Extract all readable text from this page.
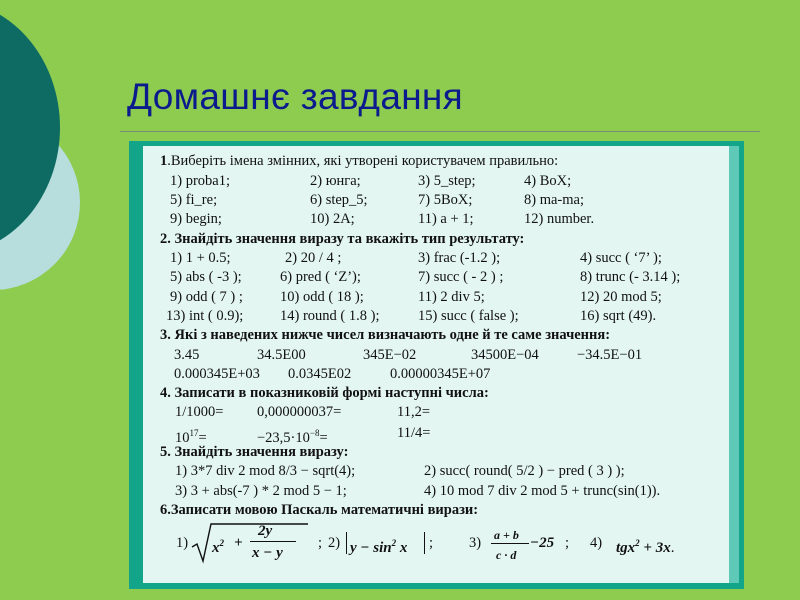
Домашнє завдання
1.Виберіть імена змінних, які утворені користувачем правильно:
1) proba1;	2) юнга;	3) 5_step;	4) BoX;
5) fi_re;	6) step_5;	7) 5BoX;	8) ma-ma;
9) begin;	10) 2A;	11) a + 1;	12) number.
2. Знайдіть значення виразу та вкажіть тип результату:
1) 1 + 0.5;	2) 20 / 4 ;	3) frac (-1.2 );	4) succ ( ‘7’ );
5) abs ( -3 );	6) pred ( ‘Z’);	7) succ ( - 2 ) ;	8) trunc (- 3.14 );
9) odd ( 7 ) ;	10) odd ( 18 );	11) 2 div 5;	12) 20 mod 5;
13) int ( 0.9);	14) round ( 1.8 );	15) succ ( false );	16) sqrt (49).
3. Які з наведених нижче чисел визначають одне й те саме значення:
3.45	34.5E00	345E−02	34500E−04	−34.5E−01
0.000345E+03 0.0345E02	0.00000345E+07
4. Записати в показниковій формі наступні числа:
1/1000= 0,000000037=	11,2=
$10^{17}=$	$-23,5\cdot 10^{-8}=$	11/4=
5. Знайдіть значення виразу:
1) 3*7 div 2 mod 8/3 − sqrt(4);	2) succ( round( 5/2 ) − pred ( 3 ) );
3) 3 + abs(-7 ) * 2 mod 5 − 1;	4) 10 mod 7 div 2 mod 5 + trunc(sin(1)).
6.Записати мовою Паскаль математичні вирази:
1) $x^2$ +
2y
x − y
; 2) $y - \sin^2 x$ ; 3) a + b
c · d
−25 ; 4) tgx$^2$ + 3x.
